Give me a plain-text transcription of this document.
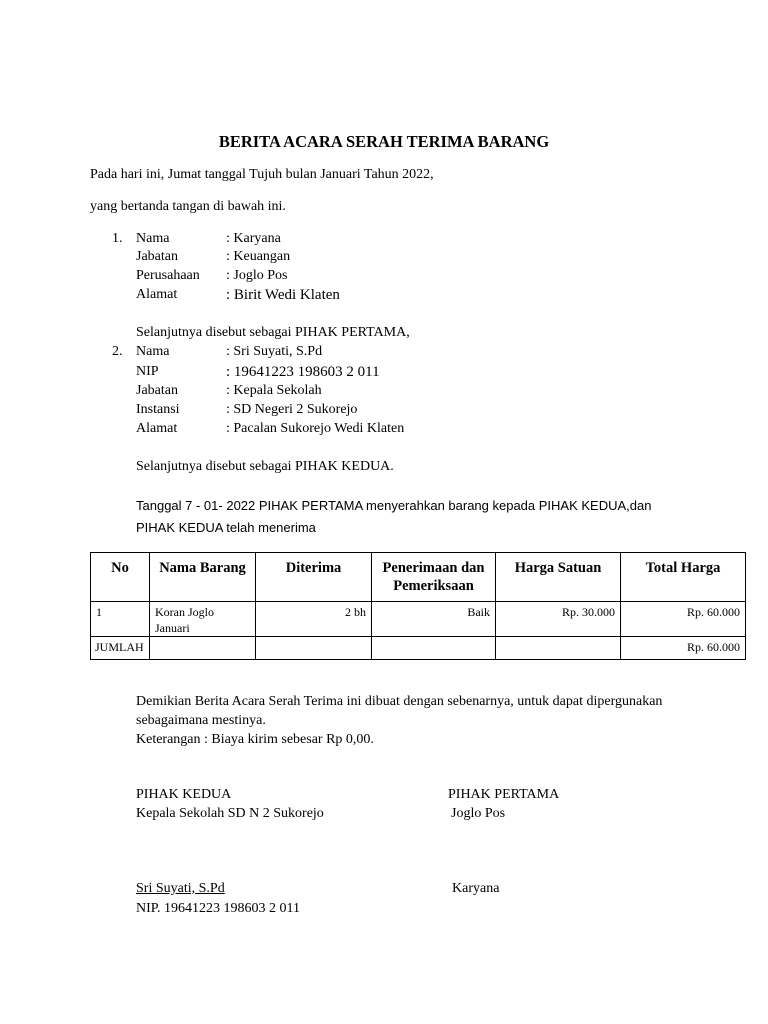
BERITA ACARA SERAH TERIMA BARANG
Pada hari ini, Jumat tanggal Tujuh bulan Januari Tahun 2022,
yang bertanda tangan di bawah ini.
1. Nama	: Karyana
Jabatan	: Keuangan
Perusahaan : Joglo Pos
Alamat	: Birit Wedi Klaten
Selanjutnya disebut sebagai PIHAK PERTAMA,
2. Nama	: Sri Suyati, S.Pd
NIP	: 19641223 198603 2 011
Jabatan	: Kepala Sekolah
Instansi	: SD Negeri 2 Sukorejo
Alamat	: Pacalan Sukorejo Wedi Klaten
Selanjutnya disebut sebagai PIHAK KEDUA.
Tanggal 7 - 01- 2022 PIHAK PERTAMA menyerahkan barang kepada PIHAK KEDUA,dan
PIHAK KEDUA telah menerima
No	Nama Barang	Diterima	Penerimaan dan Pemeriksaan	Harga Satuan	Total Harga
1	Koran Joglo Januari	2 bh	Baik	Rp. 30.000	Rp. 60.000
JUMLAH					Rp. 60.000
Demikian Berita Acara Serah Terima ini dibuat dengan sebenarnya, untuk dapat dipergunakan
sebagaimana mestinya.
Keterangan : Biaya kirim sebesar Rp 0,00.
PIHAK KEDUA
Kepala Sekolah SD N 2 Sukorejo
PIHAK PERTAMA
Joglo Pos
Sri Suyati, S.Pd
NIP. 19641223 198603 2 011
Karyana
